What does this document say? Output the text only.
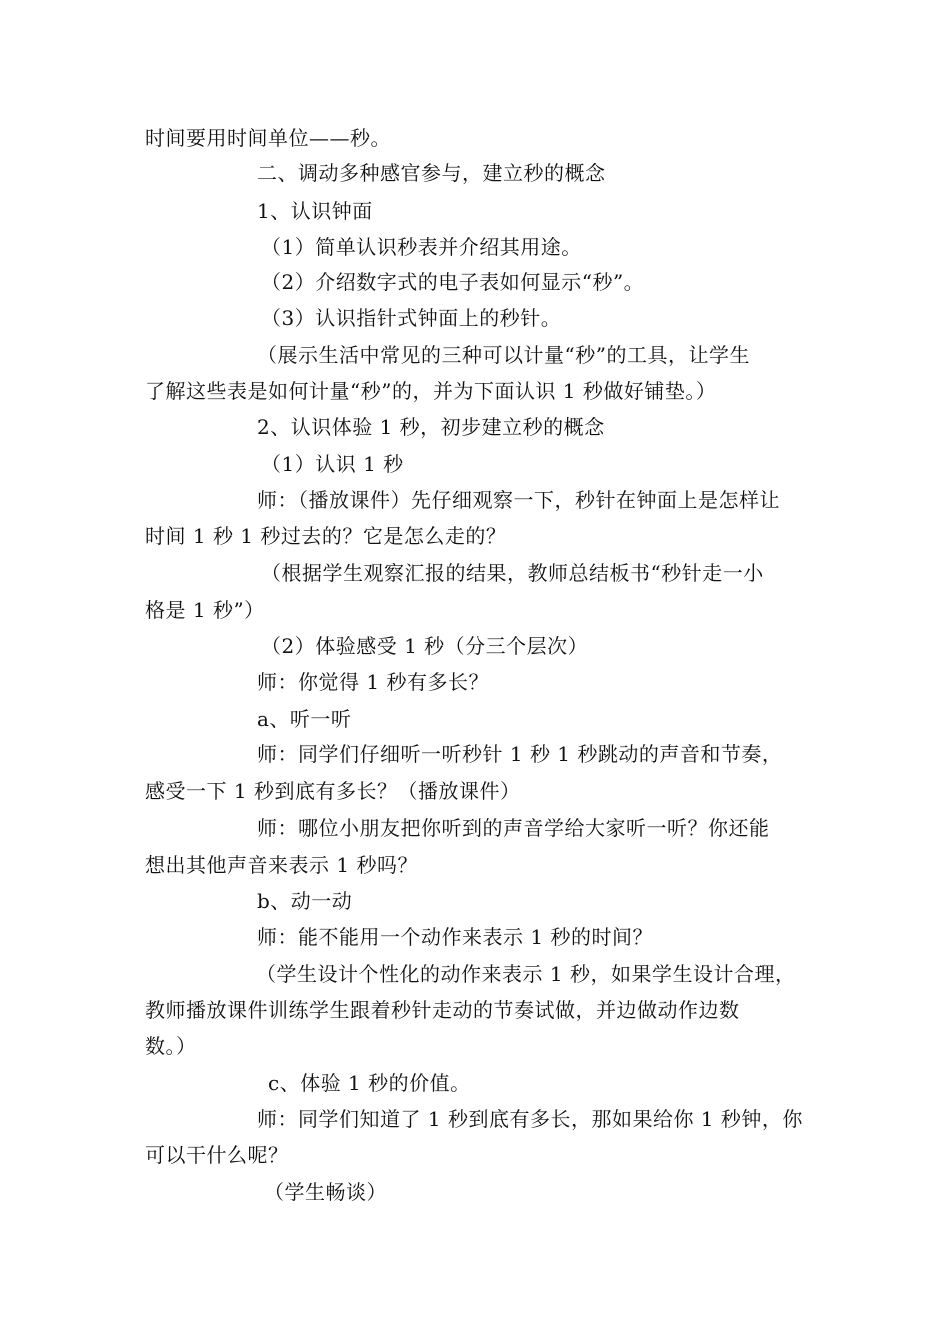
时间要用时间单位——秒。
二、调动多种感官参与，建立秒的概念
1、认识钟面
（1）简单认识秒表并介绍其用途。
（2）介绍数字式的电子表如何显示“秒”。
（3）认识指针式钟面上的秒针。
（展示生活中常见的三种可以计量“秒”的工具，让学生
了解这些表是如何计量“秒”的，并为下面认识 1 秒做好铺垫。）
2、认识体验 1 秒，初步建立秒的概念
（1）认识 1 秒
师：（播放课件）先仔细观察一下，秒针在钟面上是怎样让
时间 1 秒 1 秒过去的？它是怎么走的？
（根据学生观察汇报的结果，教师总结板书“秒针走一小
格是 1 秒”）
（2）体验感受 1 秒（分三个层次）
师：你觉得 1 秒有多长？
a、听一听
师：同学们仔细听一听秒针 1 秒 1 秒跳动的声音和节奏，
感受一下 1 秒到底有多长？（播放课件）
师：哪位小朋友把你听到的声音学给大家听一听？你还能
想出其他声音来表示 1 秒吗？
b、动一动
师：能不能用一个动作来表示 1 秒的时间？
（学生设计个性化的动作来表示 1 秒，如果学生设计合理，
教师播放课件训练学生跟着秒针走动的节奏试做，并边做动作边数
数。）
c、体验 1 秒的价值。
师：同学们知道了 1 秒到底有多长，那如果给你 1 秒钟，你
可以干什么呢？
（学生畅谈）
